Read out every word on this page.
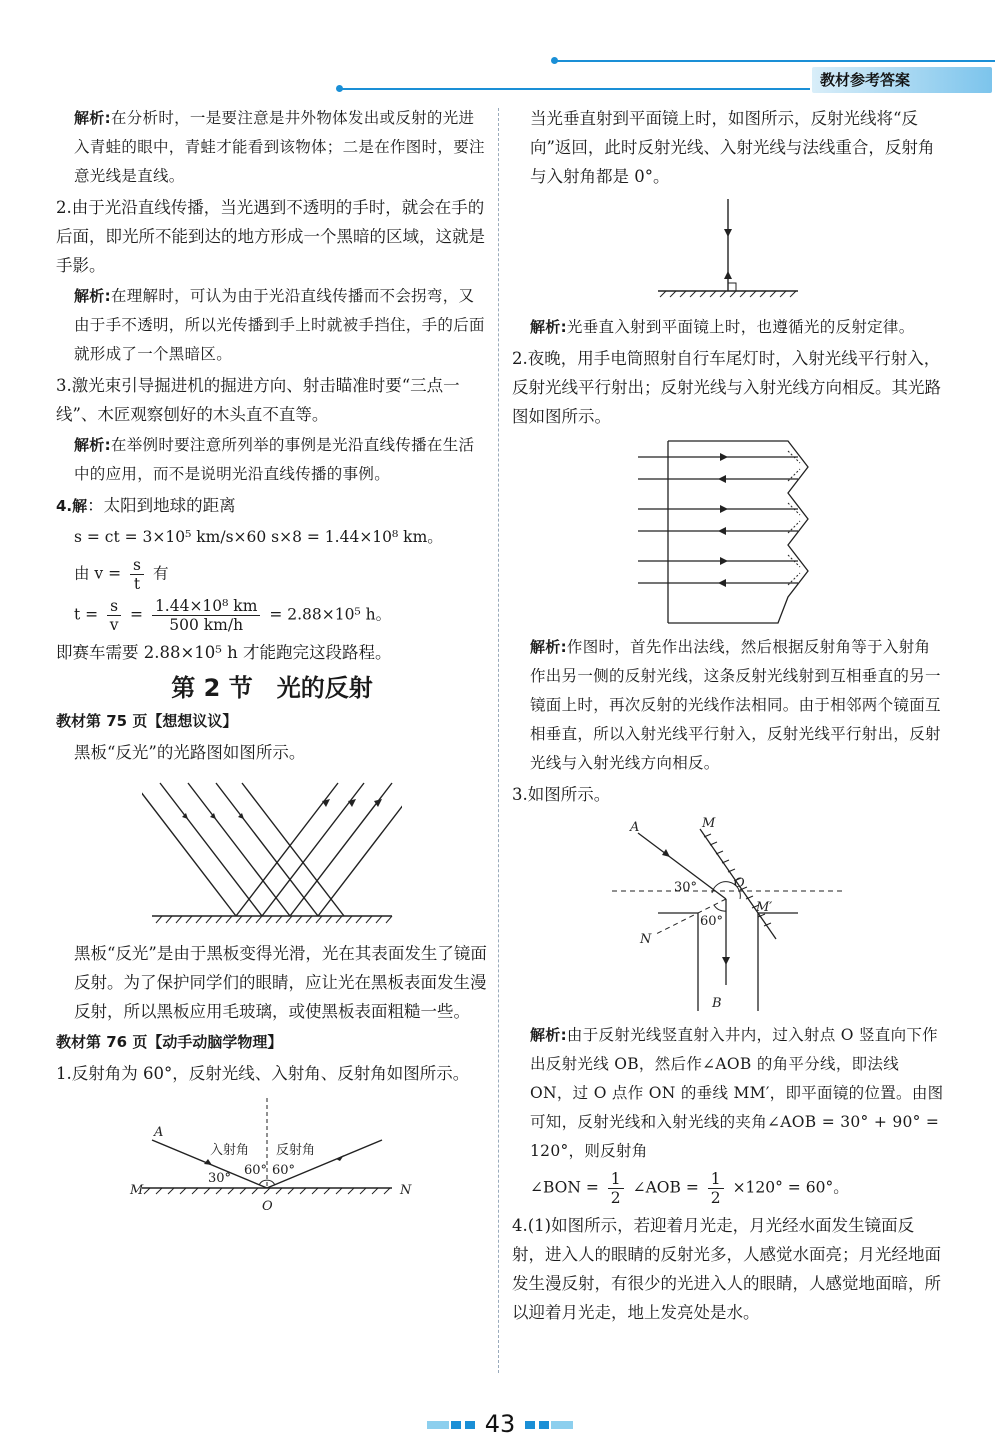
教材参考答案

解析:在分析时，一是要注意是井外物体发出或反射的光进入青蛙的眼中，青蛙才能看到该物体；二是在作图时，要注意光线是直线。

2.由于光沿直线传播，当光遇到不透明的手时，就会在手的后面，即光所不能到达的地方形成一个黑暗的区域，这就是手影。

解析:在理解时，可认为由于光沿直线传播而不会拐弯，又由于手不透明，所以光传播到手上时就被手挡住，手的后面就形成了一个黑暗区。

3.激光束引导掘进机的掘进方向、射击瞄准时要“三点一线”、木匠观察刨好的木头直不直等。

解析:在举例时要注意所列举的事例是光沿直线传播在生活中的应用，而不是说明光沿直线传播的事例。

4.解：太阳到地球的距离

s = ct = 3×10⁵ km/s×60 s×8 = 1.44×10⁸ km。

由 $v = \frac{s}{t}$ 有

$t = \frac{s}{v} = \frac{\text{1.44×10⁸ km}}{500 km/h} = 2.88\times 10^5$ h。

即赛车需要 2.88×10⁵ h 才能跑完这段路程。

第 2 节　光的反射
教材第 75 页【想想议议】

黑板“反光”的光路图如图所示。

黑板“反光”是由于黑板变得光滑，光在其表面发生了镜面反射。为了保护同学们的眼睛，应让光在黑板表面发生漫反射，所以黑板应用毛玻璃，或使黑板表面粗糙一些。

教材第 76 页【动手动脑学物理】

1.反射角为 60°，反射光线、入射角、反射角如图所示。

A
M	N
O
入射角 反射角
30°
60° 60°

当光垂直射到平面镜上时，如图所示，反射光线将“反向”返回，此时反射光线、入射光线与法线重合，反射角与入射角都是 0°。

解析:光垂直入射到平面镜上时，也遵循光的反射定律。

2.夜晚，用手电筒照射自行车尾灯时，入射光线平行射入，反射光线平行射出；反射光线与入射光线方向相反。其光路图如图所示。

解析:作图时，首先作出法线，然后根据反射角等于入射角作出另一侧的反射光线，这条反射光线射到互相垂直的另一镜面上时，再次反射的光线作法相同。由于相邻两个镜面互相垂直，所以入射光线平行射入，反射光线平行射出，反射光线与入射光线方向相反。

3.如图所示。

A	M
O
M′
N
B
30°
60°

解析:由于反射光线竖直射入井内，过入射点 O 竖直向下作出反射光线 OB，然后作∠AOB 的角平分线，即法线 ON，过 O 点作 ON 的垂线 MM′，即平面镜的位置。由图可知，反射光线和入射光线的夹角∠AOB = 30° + 90° = 120°，则反射角

∠BON = $\frac{1}{2}$ ∠AOB = $\frac{1}{2} \times 120^\circ = 60^\circ$。

4.(1)如图所示，若迎着月光走，月光经水面发生镜面反射，进入人的眼睛的反射光多，人感觉水面亮；月光经地面发生漫反射，有很少的光进入人的眼睛，人感觉地面暗，所以迎着月光走，地上发亮处是水。

43
